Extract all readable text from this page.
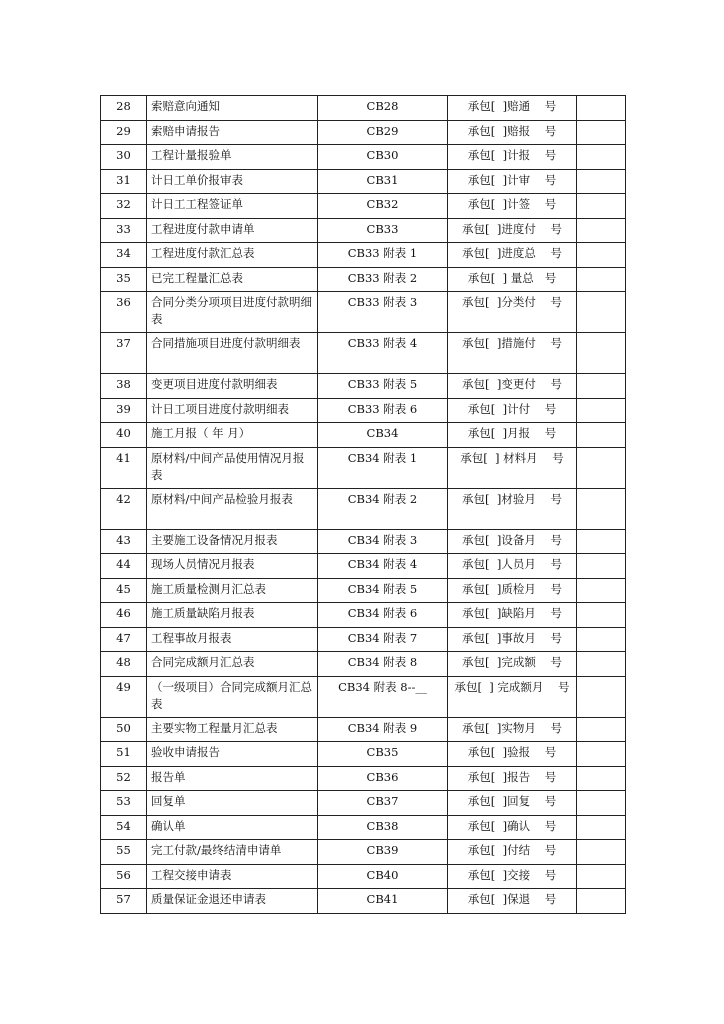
28	索赔意向通知	CB28	承包[  ]赔通    号	
29	索赔申请报告	CB29	承包[  ]赔报    号	
30	工程计量报验单	CB30	承包[  ]计报    号	
31	计日工单价报审表	CB31	承包[  ]计审    号	
32	计日工工程签证单	CB32	承包[  ]计签    号	
33	工程进度付款申请单	CB33	承包[  ]进度付    号	
34	工程进度付款汇总表	CB33 附表 1	承包[  ]进度总    号	
35	已完工程量汇总表	CB33 附表 2	承包[  ] 量总   号	
36	合同分类分项项目进度付款明细表	CB33 附表 3	承包[  ]分类付    号	
37	合同措施项目进度付款明细表	CB33 附表 4	承包[  ]措施付    号	
38	变更项目进度付款明细表	CB33 附表 5	承包[  ]变更付    号	
39	计日工项目进度付款明细表	CB33 附表 6	承包[  ]计付    号	
40	施工月报（ 年 月）	CB34	承包[  ]月报    号	
41	原材料/中间产品使用情况月报表	CB34 附表 1	承包[  ] 材料月    号	
42	原材料/中间产品检验月报表	CB34 附表 2	承包[  ]材验月    号	
43	主要施工设备情况月报表	CB34 附表 3	承包[  ]设备月    号	
44	现场人员情况月报表	CB34 附表 4	承包[  ]人员月    号	
45	施工质量检测月汇总表	CB34 附表 5	承包[  ]质检月    号	
46	施工质量缺陷月报表	CB34 附表 6	承包[  ]缺陷月    号	
47	工程事故月报表	CB34 附表 7	承包[  ]事故月    号	
48	合同完成额月汇总表	CB34 附表 8	承包[  ]完成额    号	
49	（一级项目）合同完成额月汇总表	CB34 附表 8--__	承包[  ] 完成额月    号	
50	主要实物工程量月汇总表	CB34 附表 9	承包[  ]实物月    号	
51	验收申请报告	CB35	承包[  ]验报    号	
52	报告单	CB36	承包[  ]报告    号	
53	回复单	CB37	承包[  ]回复    号	
54	确认单	CB38	承包[  ]确认    号	
55	完工付款/最终结清申请单	CB39	承包[  ]付结    号	
56	工程交接申请表	CB40	承包[  ]交接    号	
57	质量保证金退还申请表	CB41	承包[  ]保退    号	
